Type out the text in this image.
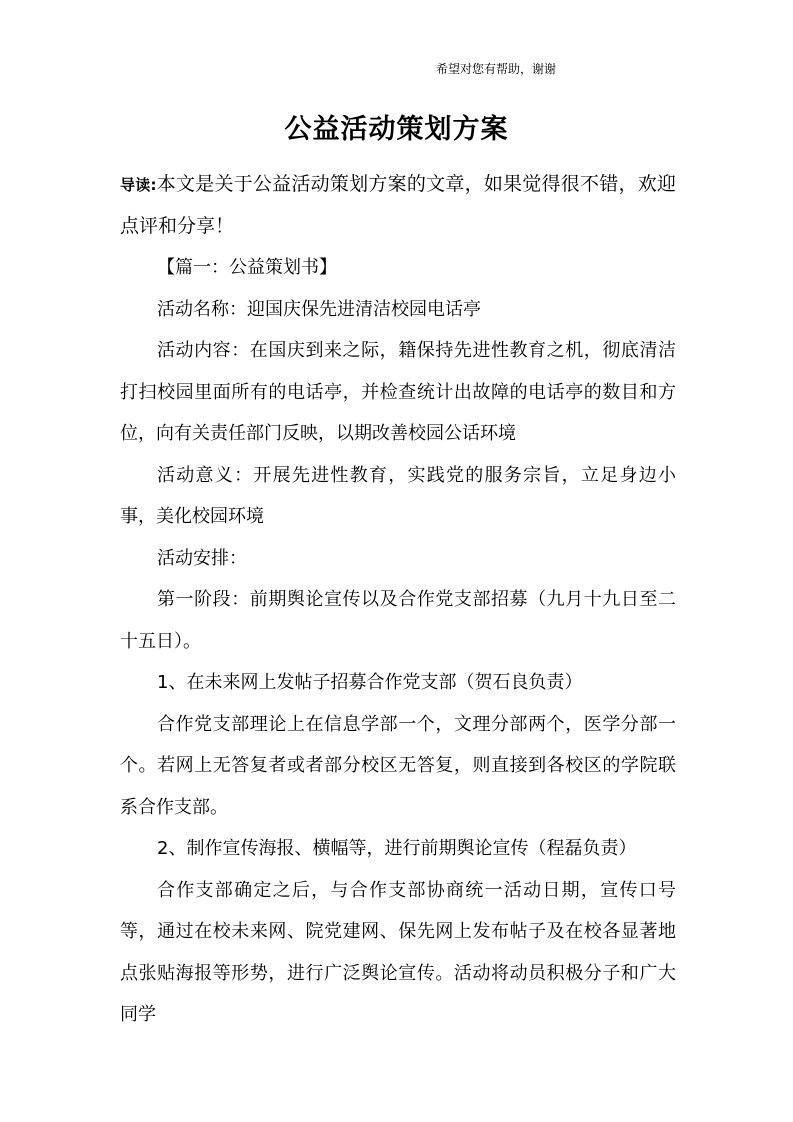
希望对您有帮助，谢谢
公益活动策划方案

导读:本文是关于公益活动策划方案的文章，如果觉得很不错，欢迎点评和分享！

【篇一：公益策划书】

活动名称：迎国庆保先进清洁校园电话亭

活动内容：在国庆到来之际，籍保持先进性教育之机，彻底清洁打扫校园里面所有的电话亭，并检查统计出故障的电话亭的数目和方位，向有关责任部门反映，以期改善校园公话环境

活动意义：开展先进性教育，实践党的服务宗旨，立足身边小事，美化校园环境

活动安排：

第一阶段：前期舆论宣传以及合作党支部招募（九月十九日至二十五日）。

1、在未来网上发帖子招募合作党支部（贺石良负责）

合作党支部理论上在信息学部一个，文理分部两个，医学分部一个。若网上无答复者或者部分校区无答复，则直接到各校区的学院联系合作支部。

2、制作宣传海报、横幅等，进行前期舆论宣传（程磊负责）

合作支部确定之后，与合作支部协商统一活动日期，宣传口号等，通过在校未来网、院党建网、保先网上发布帖子及在校各显著地点张贴海报等形势，进行广泛舆论宣传。活动将动员积极分子和广大同学
